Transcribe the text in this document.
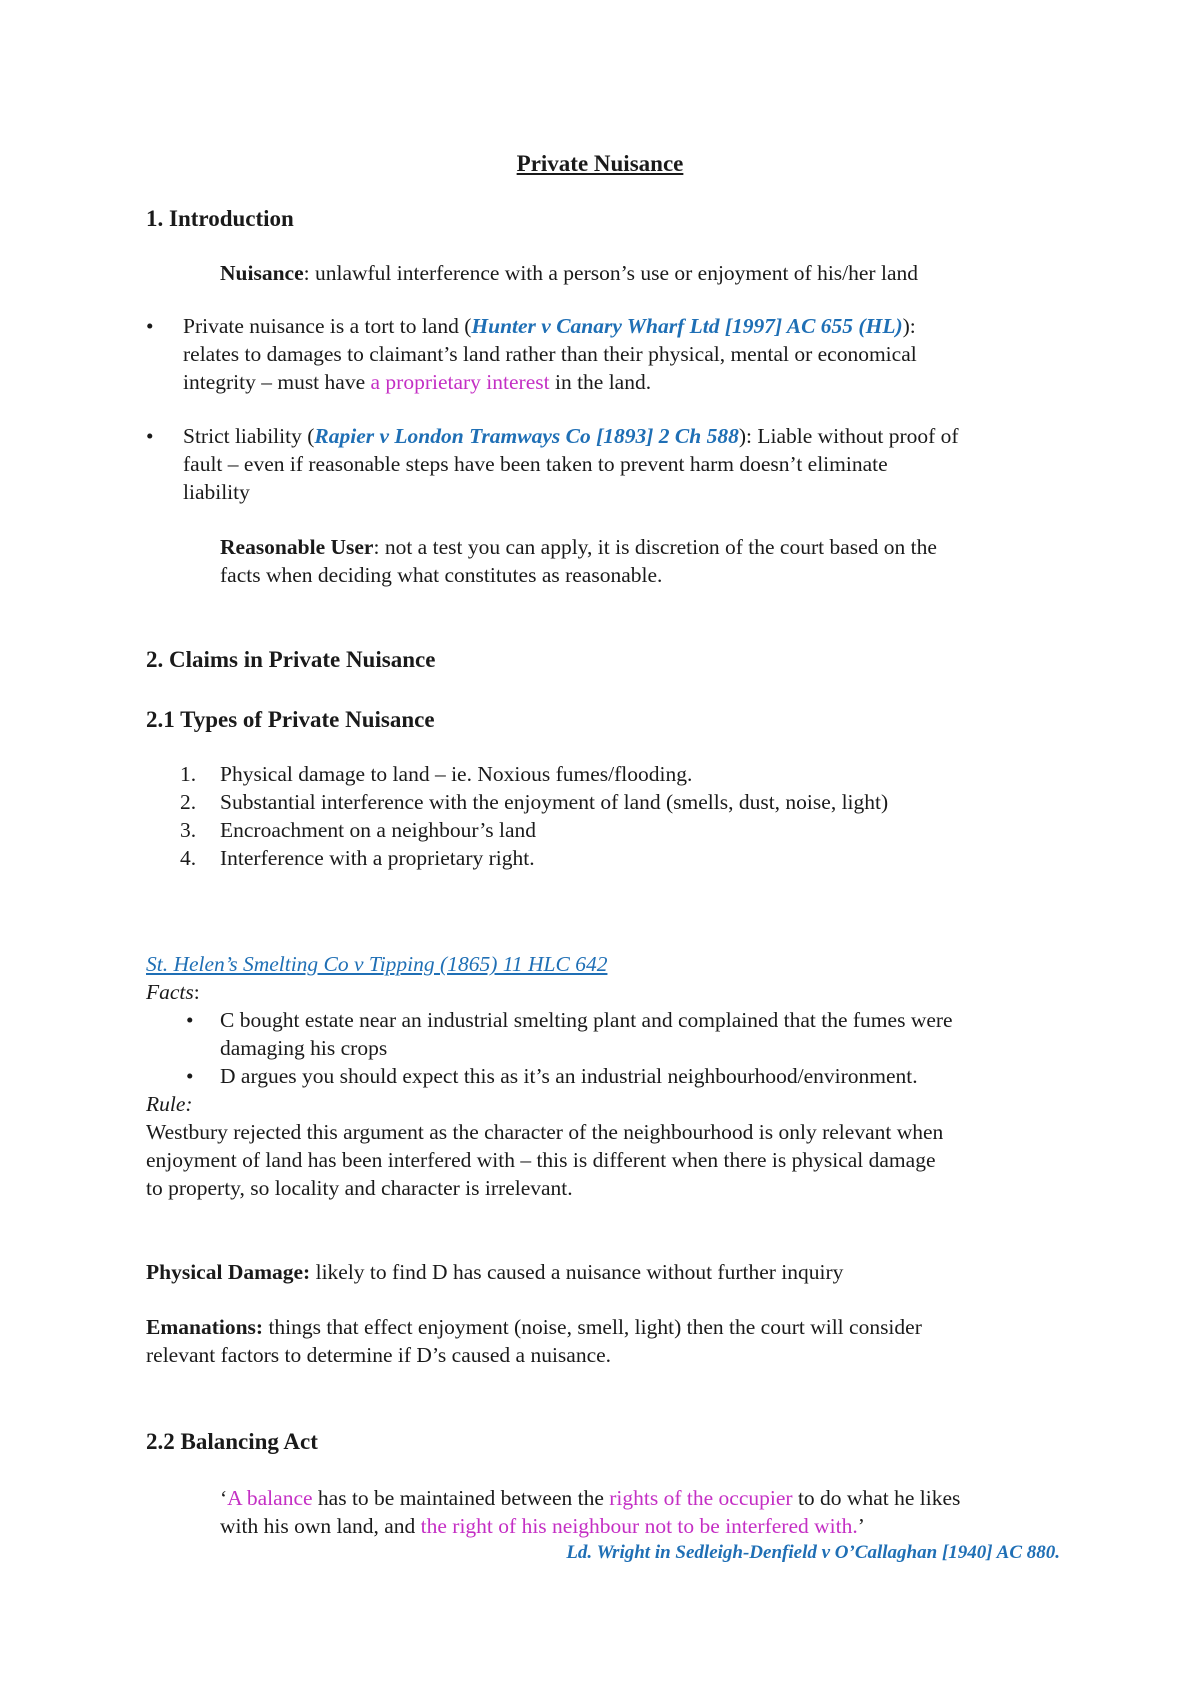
Private Nuisance
1. Introduction
Nuisance: unlawful interference with a person’s use or enjoyment of his/her land
• Private nuisance is a tort to land (Hunter v Canary Wharf Ltd [1997] AC 655 (HL)):
relates to damages to claimant’s land rather than their physical, mental or economical
integrity – must have a proprietary interest in the land.
• Strict liability (Rapier v London Tramways Co [1893] 2 Ch 588): Liable without proof of
fault – even if reasonable steps have been taken to prevent harm doesn’t eliminate
liability
Reasonable User: not a test you can apply, it is discretion of the court based on the
facts when deciding what constitutes as reasonable.
2. Claims in Private Nuisance
2.1 Types of Private Nuisance
1. Physical damage to land – ie. Noxious fumes/flooding.
2. Substantial interference with the enjoyment of land (smells, dust, noise, light)
3. Encroachment on a neighbour’s land
4. Interference with a proprietary right.
St. Helen’s Smelting Co v Tipping (1865) 11 HLC 642
Facts:
• C bought estate near an industrial smelting plant and complained that the fumes were
damaging his crops
• D argues you should expect this as it’s an industrial neighbourhood/environment.
Rule:
Westbury rejected this argument as the character of the neighbourhood is only relevant when
enjoyment of land has been interfered with – this is different when there is physical damage
to property, so locality and character is irrelevant.
Physical Damage: likely to find D has caused a nuisance without further inquiry
Emanations: things that effect enjoyment (noise, smell, light) then the court will consider
relevant factors to determine if D’s caused a nuisance.
2.2 Balancing Act
‘A balance has to be maintained between the rights of the occupier to do what he likes
with his own land, and the right of his neighbour not to be interfered with.’
Ld. Wright in Sedleigh-Denfield v O’Callaghan [1940] AC 880.
